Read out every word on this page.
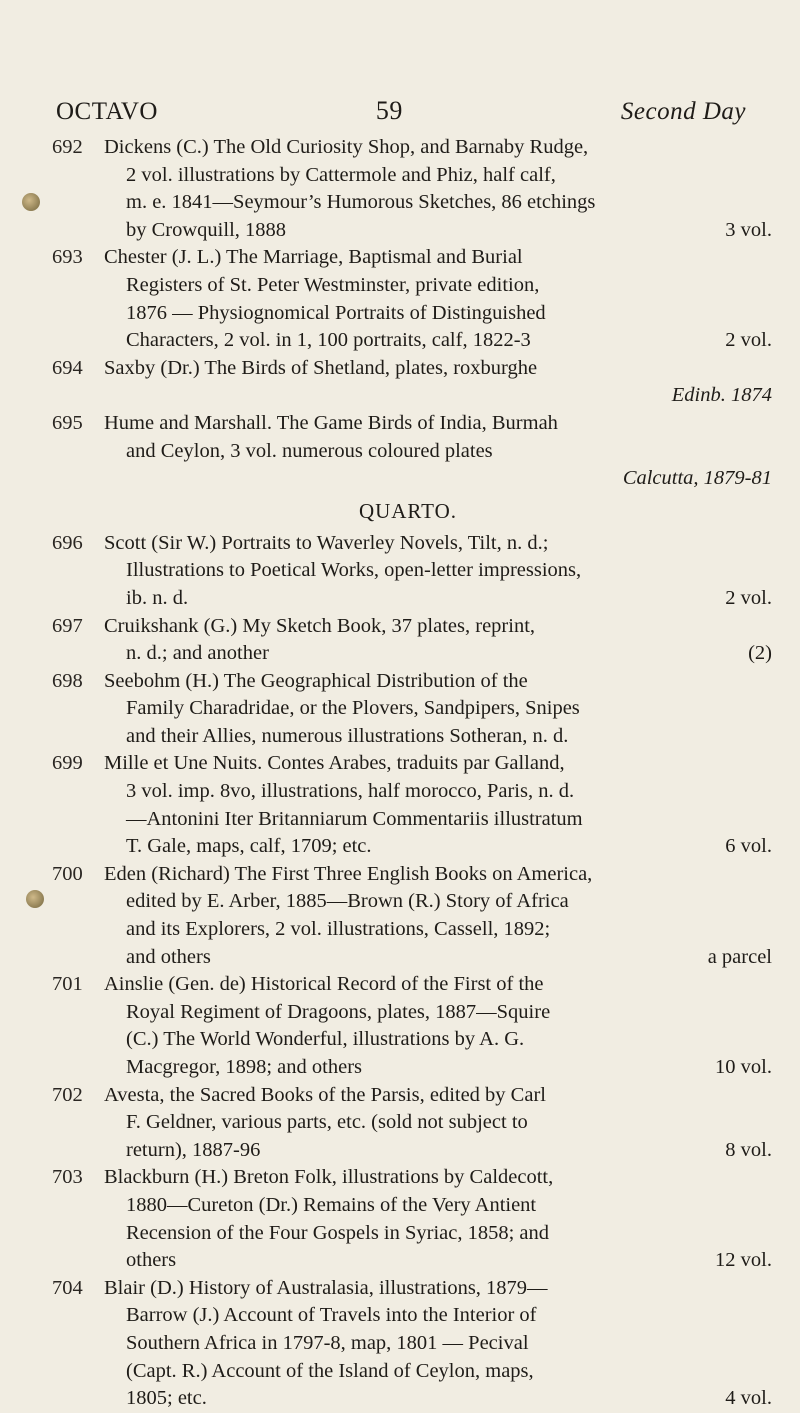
OCTAVO	59	Second Day
692	Dickens (C.) The Old Curiosity Shop, and Barnaby Rudge,
2 vol. illustrations by Cattermole and Phiz, half calf,
m. e. 1841—Seymour’s Humorous Sketches, 86 etchings
by Crowquill, 1888	3 vol.
693	Chester (J. L.) The Marriage, Baptismal and Burial
Registers of St. Peter Westminster, private edition,
1876 — Physiognomical Portraits of Distinguished
Characters, 2 vol. in 1, 100 portraits, calf, 1822-3	2 vol.
694	Saxby (Dr.) The Birds of Shetland, plates, roxburghe
Edinb. 1874
695	Hume and Marshall. The Game Birds of India, Burmah
and Ceylon, 3 vol. numerous coloured plates
Calcutta, 1879-81
QUARTO.
696	Scott (Sir W.) Portraits to Waverley Novels, Tilt, n. d.;
Illustrations to Poetical Works, open-letter impressions,
ib. n. d.	2 vol.
697	Cruikshank (G.) My Sketch Book, 37 plates, reprint,
n. d.; and another	(2)
698	Seebohm (H.) The Geographical Distribution of the
Family Charadridae, or the Plovers, Sandpipers, Snipes
and their Allies, numerous illustrations Sotheran, n. d.
699	Mille et Une Nuits. Contes Arabes, traduits par Galland,
3 vol. imp. 8vo, illustrations, half morocco, Paris, n. d.
—Antonini Iter Britanniarum Commentariis illustratum
T. Gale, maps, calf, 1709; etc.	6 vol.
700	Eden (Richard) The First Three English Books on America,
edited by E. Arber, 1885—Brown (R.) Story of Africa
and its Explorers, 2 vol. illustrations, Cassell, 1892;
and others	a parcel
701	Ainslie (Gen. de) Historical Record of the First of the
Royal Regiment of Dragoons, plates, 1887—Squire
(C.) The World Wonderful, illustrations by A. G.
Macgregor, 1898; and others	10 vol.
702	Avesta, the Sacred Books of the Parsis, edited by Carl
F. Geldner, various parts, etc. (sold not subject to
return), 1887-96	8 vol.
703	Blackburn (H.) Breton Folk, illustrations by Caldecott,
1880—Cureton (Dr.) Remains of the Very Antient
Recension of the Four Gospels in Syriac, 1858; and
others	12 vol.
704	Blair (D.) History of Australasia, illustrations, 1879—
Barrow (J.) Account of Travels into the Interior of
Southern Africa in 1797-8, map, 1801 — Pecival
(Capt. R.) Account of the Island of Ceylon, maps,
1805; etc.	4 vol.
